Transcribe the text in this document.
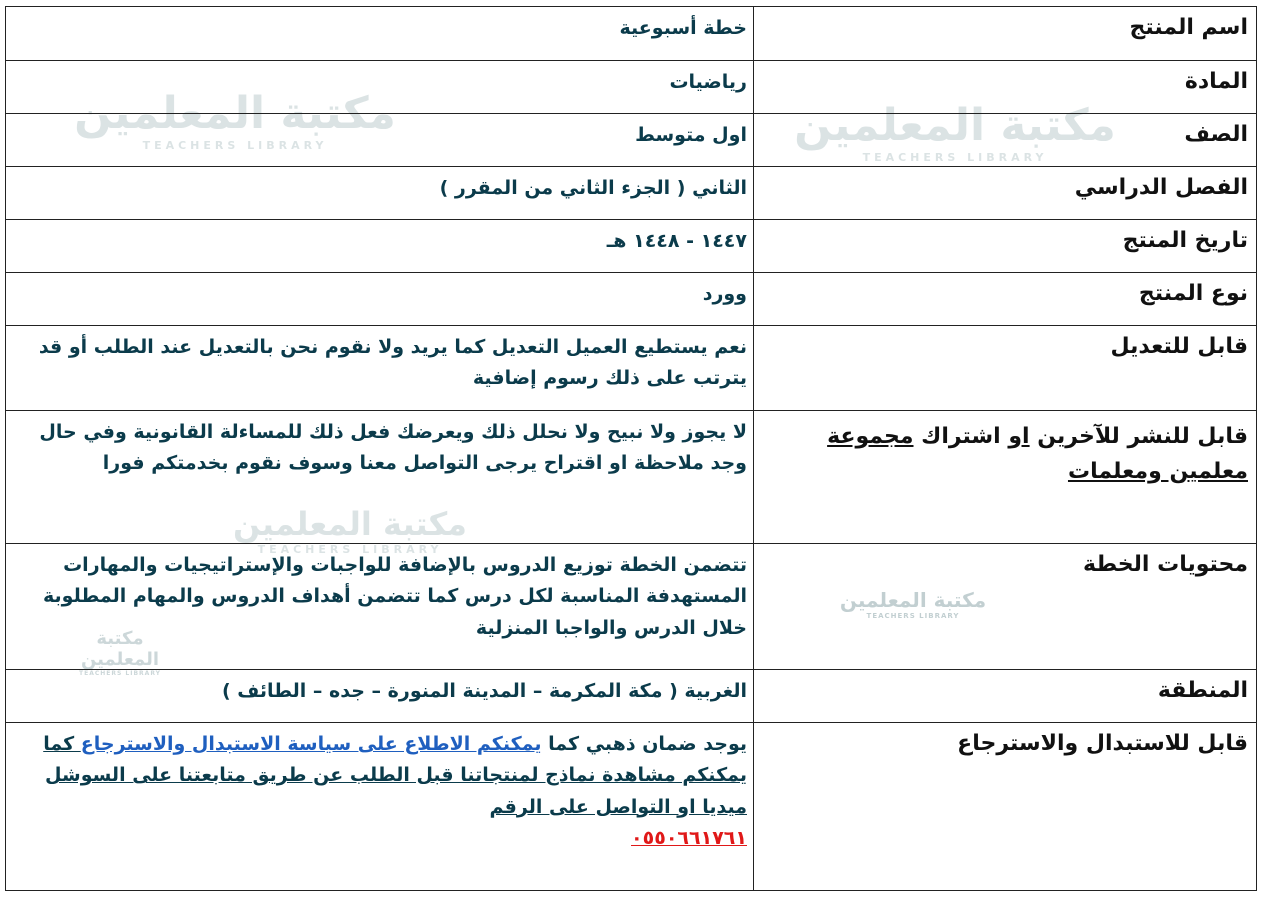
مكتبة المعلمين
TEACHERS LIBRARY	مكتبة المعلمين
TEACHERS LIBRARY
مكتبة المعلمين
TEACHERS LIBRARY
مكتبة المعلمين
TEACHERS LIBRARY
مكتبة المعلمين
TEACHERS LIBRARY
اسم المنتج	خطة أسبوعية
المادة	رياضيات
الصف	اول متوسط
الفصل الدراسي	الثاني ( الجزء الثاني من المقرر )
تاريخ المنتج	١٤٤٧ - ١٤٤٨ هـ
نوع المنتج	وورد
قابل للتعديل	نعم يستطيع العميل التعديل كما يريد ولا نقوم نحن بالتعديل عند الطلب أو قد يترتب على ذلك رسوم إضافية
قابل للنشر للآخرين او اشتراك مجموعة معلمين ومعلمات	لا يجوز ولا نبيح ولا نحلل ذلك ويعرضك فعل ذلك للمساءلة القانونية وفي حال وجد ملاحظة او اقتراح يرجى التواصل معنا وسوف نقوم بخدمتكم فورا
محتويات الخطة	تتضمن الخطة توزيع الدروس بالإضافة للواجبات والإستراتيجيات والمهارات المستهدفة المناسبة لكل درس كما تتضمن أهداف الدروس والمهام المطلوبة خلال الدرس والواجبا المنزلية
المنطقة	الغربية ( مكة المكرمة – المدينة المنورة – جده – الطائف )
قابل للاستبدال والاسترجاع	يوجد ضمان ذهبي كما يمكنكم الاطلاع على سياسة الاستبدال والاسترجاع كما يمكنكم مشاهدة نماذج لمنتجاتنا قبل الطلب عن طريق متابعتنا على السوشل ميديا او التواصل على الرقم
٠٥٥٠٦٦١٧٦١
